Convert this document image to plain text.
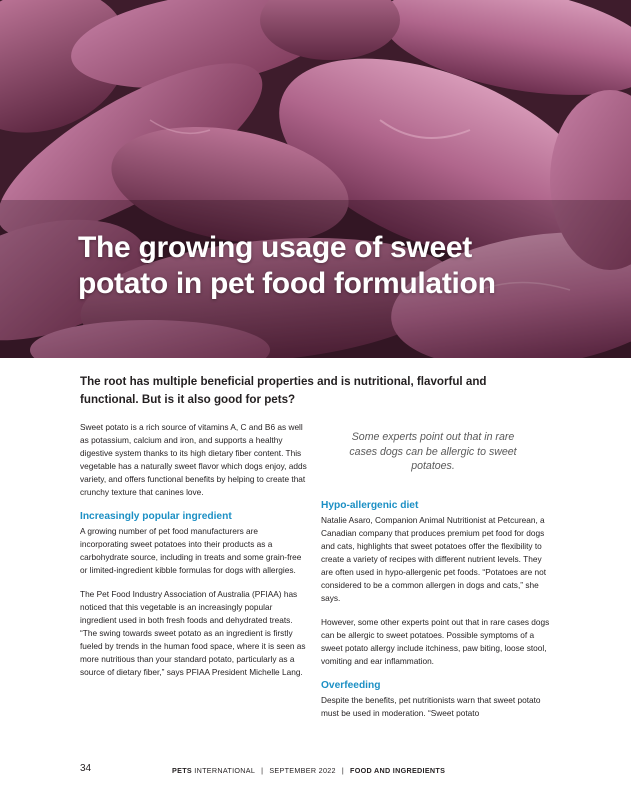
The growing usage of sweet potato in pet food formulation

The root has multiple beneficial properties and is nutritional, flavorful and functional. But is it also good for pets?

Sweet potato is a rich source of vitamins A, C and B6 as well as potassium, calcium and iron, and supports a healthy digestive system thanks to its high dietary fiber content. This vegetable has a naturally sweet flavor which dogs enjoy, adds variety, and offers functional benefits by helping to create that crunchy texture that canines love.

Increasingly popular ingredient

A growing number of pet food manufacturers are incorporating sweet potatoes into their products as a carbohydrate source, including in treats and some grain-free or limited-ingredient kibble formulas for dogs with allergies.

The Pet Food Industry Association of Australia (PFIAA) has noticed that this vegetable is an increasingly popular ingredient used in both fresh foods and dehydrated treats. “The swing towards sweet potato as an ingredient is firstly fueled by trends in the human food space, where it is seen as more nutritious than your standard potato, particularly as a source of dietary fiber,” says PFIAA President Michelle Lang.

Some experts point out that in rare cases dogs can be allergic to sweet potatoes.

Hypo-allergenic diet

Natalie Asaro, Companion Animal Nutritionist at Petcurean, a Canadian company that produces premium pet food for dogs and cats, highlights that sweet potatoes offer the flexibility to create a variety of recipes with different nutrient levels. They are often used in hypo-allergenic pet foods. “Potatoes are not considered to be a common allergen in dogs and cats,” she says.

However, some other experts point out that in rare cases dogs can be allergic to sweet potatoes. Possible symptoms of a sweet potato allergy include itchiness, paw biting, loose stool, vomiting and ear inflammation.

Overfeeding

Despite the benefits, pet nutritionists warn that sweet potato must be used in moderation. “Sweet potato

34	PETS INTERNATIONAL | SEPTEMBER 2022 | FOOD AND INGREDIENTS
